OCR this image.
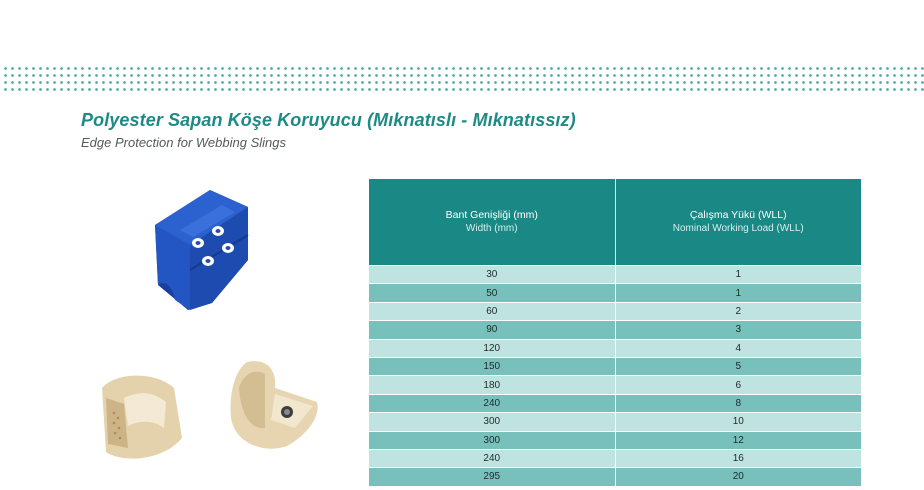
Polyester Sapan Köşe Koruyucu (Mıknatıslı - Mıknatıssız)
Edge Protection for Webbing Slings
Bant Genişliği (mm)
Width (mm)
Çalışma Yükü (WLL)
Nominal Working Load (WLL)
30	1
50	1
60	2
90	3
120	4
150	5
180	6
240	8
300	10
300	12
240	16
295	20
